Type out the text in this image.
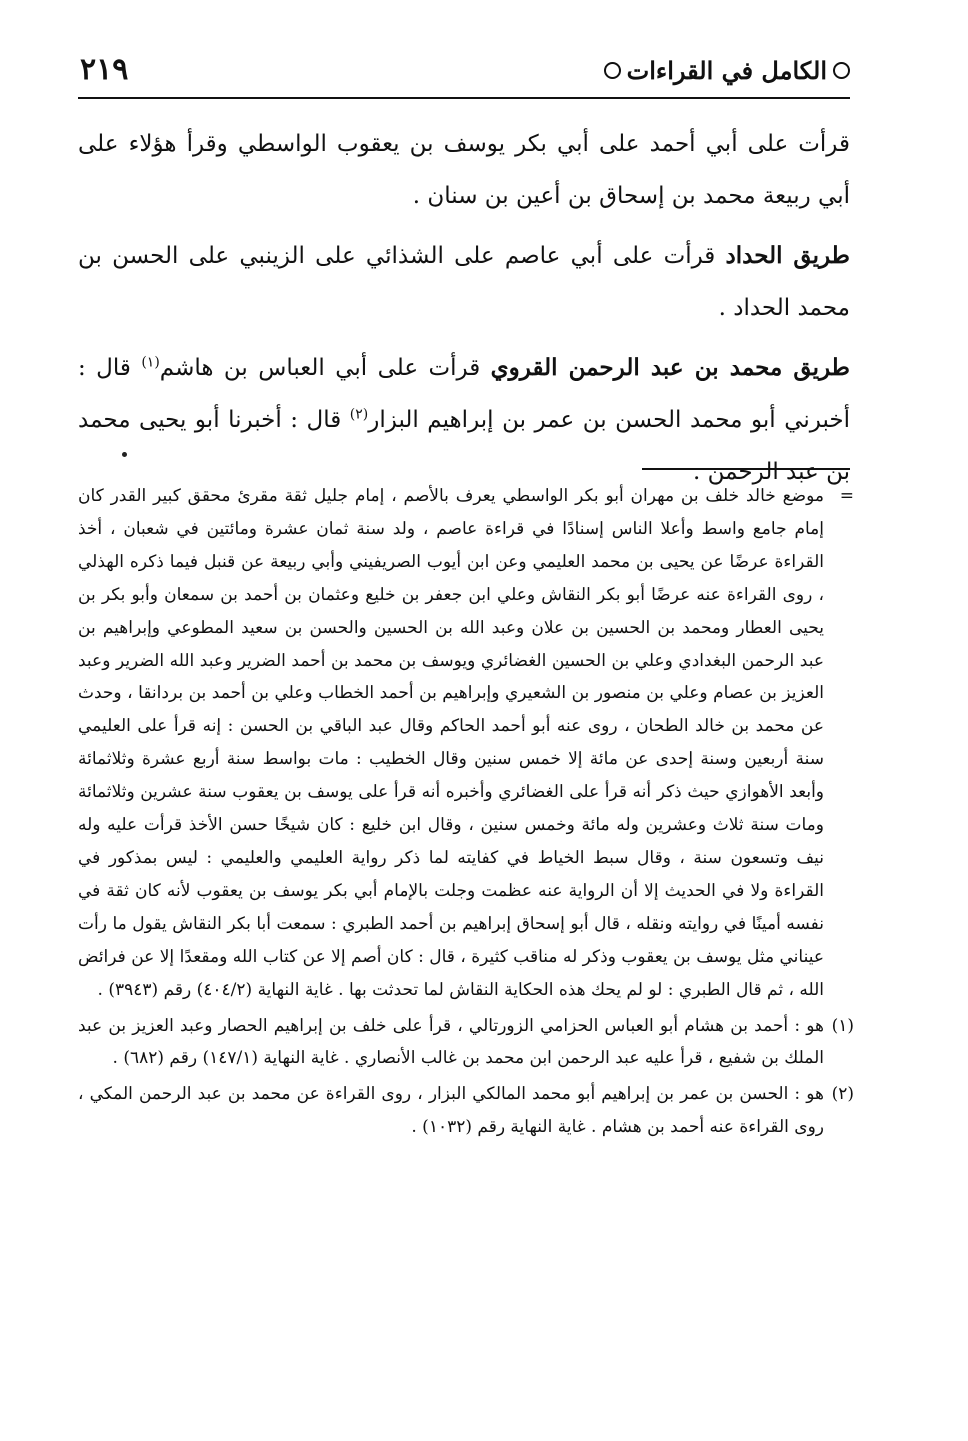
الكامل في القراءات
٢١٩

قرأت على أبي أحمد على أبي بكر يوسف بن يعقوب الواسطي وقرأ هؤلاء على أبي ربيعة محمد بن إسحاق بن أعين بن سنان .

طريق الحداد قرأت على أبي عاصم على الشذائي على الزينبي على الحسن بن محمد الحداد .

طريق محمد بن عبد الرحمن القروي قرأت على أبي العباس بن هاشم$^{(١)}$ قال : أخبرني أبو محمد الحسن بن عمر بن إبراهيم البزار$^{(٢)}$ قال : أخبرنا أبو يحيى محمد بن عبد الرحمن .

=
موضع خالد خلف بن مهران أبو بكر الواسطي يعرف بالأصم ، إمام جليل ثقة مقرئ محقق كبير القدر كان إمام جامع واسط وأعلا الناس إسنادًا في قراءة عاصم ، ولد سنة ثمان عشرة ومائتين في شعبان ، أخذ القراءة عرضًا عن يحيى بن محمد العليمي وعن ابن أيوب الصريفيني وأبي ربيعة عن قنبل فيما ذكره الهذلي ، روى القراءة عنه عرضًا أبو بكر النقاش وعلي ابن جعفر بن خليع وعثمان بن أحمد بن سمعان وأبو بكر بن يحيى العطار ومحمد بن الحسين بن علان وعبد الله بن الحسين والحسن بن سعيد المطوعي وإبراهيم بن عبد الرحمن البغدادي وعلي بن الحسين الغضائري ويوسف بن محمد بن أحمد الضرير وعبد الله الضرير وعبد العزيز بن عصام وعلي بن منصور بن الشعيري وإبراهيم بن أحمد الخطاب وعلي بن أحمد بن بردانقا ، وحدث عن محمد بن خالد الطحان ، روى عنه أبو أحمد الحاكم وقال عبد الباقي بن الحسن : إنه قرأ على العليمي سنة أربعين وسنة إحدى عن مائة إلا خمس سنين وقال الخطيب : مات بواسط سنة أربع عشرة وثلاثمائة وأبعد الأهوازي حيث ذكر أنه قرأ على الغضائري وأخبره أنه قرأ على يوسف بن يعقوب سنة عشرين وثلاثمائة ومات سنة ثلاث وعشرين وله مائة وخمس سنين ، وقال ابن خليع : كان شيخًا حسن الأخذ قرأت عليه وله نيف وتسعون سنة ، وقال سبط الخياط في كفايته لما ذكر رواية العليمي والعليمي : ليس بمذكور في القراءة ولا في الحديث إلا أن الرواية عنه عظمت وجلت بالإمام أبي بكر يوسف بن يعقوب لأنه كان ثقة في نفسه أمينًا في روايته ونقله ، قال أبو إسحاق إبراهيم بن أحمد الطبري : سمعت أبا بكر النقاش يقول ما رأت عيناني مثل يوسف بن يعقوب وذكر له مناقب كثيرة ، قال : كان أصم إلا عن كتاب الله ومقعدًا إلا عن فرائض الله ، ثم قال الطبري : لو لم يحك هذه الحكاية النقاش لما تحدثت بها . غاية النهاية (٤٠٤/٢) رقم (٣٩٤٣) .

(١)
هو : أحمد بن هشام أبو العباس الحزامي الزورتالي ، قرأ على خلف بن إبراهيم الحصار وعبد العزيز بن عبد الملك بن شفيع ، قرأ عليه عبد الرحمن ابن محمد بن غالب الأنصاري . غاية النهاية (١٤٧/١) رقم (٦٨٢) .

(٢)
هو : الحسن بن عمر بن إبراهيم أبو محمد المالكي البزار ، روى القراءة عن محمد بن عبد الرحمن المكي ، روى القراءة عنه أحمد بن هشام . غاية النهاية رقم (١٠٣٢) .
